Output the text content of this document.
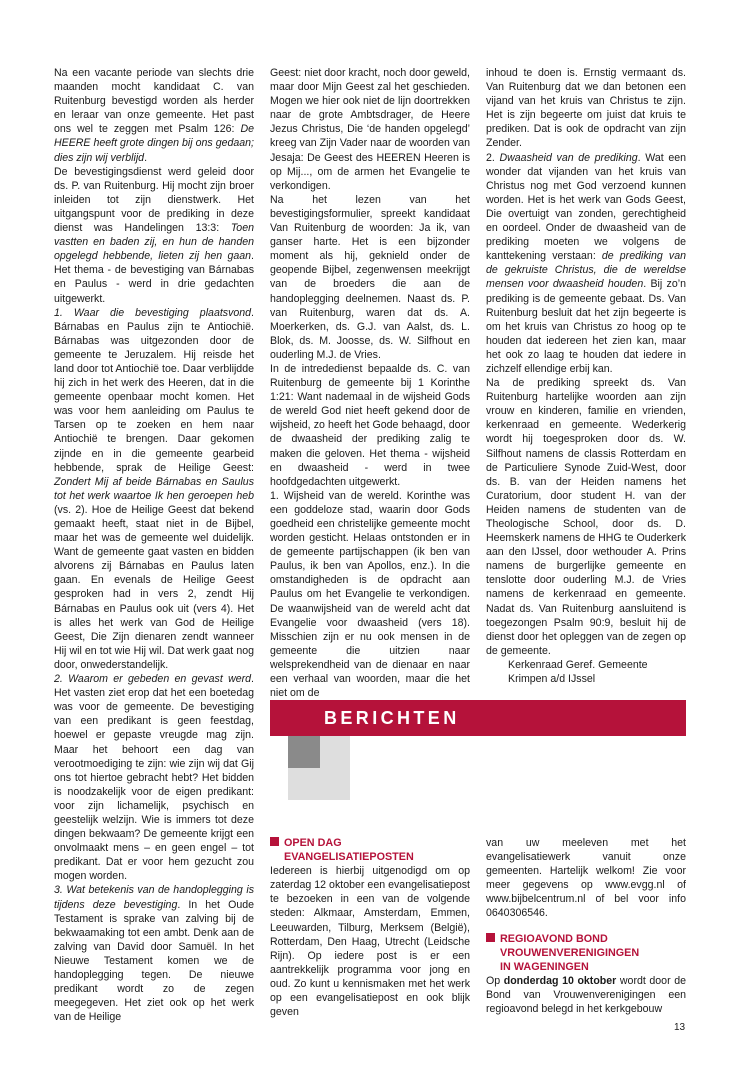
Na een vacante periode van slechts drie maanden mocht kandidaat C. van Ruitenburg bevestigd worden als herder en leraar van onze gemeente. Het past ons wel te zeggen met Psalm 126: De HEERE heeft grote dingen bij ons gedaan; dies zijn wij verblijd.

De bevestigingsdienst werd geleid door ds. P. van Ruitenburg. Hij mocht zijn broer inleiden tot zijn dienstwerk. Het uitgangspunt voor de prediking in deze dienst was Handelingen 13:3: Toen vastten en baden zij, en hun de handen opgelegd hebbende, lieten zij hen gaan. Het thema - de bevestiging van Bárnabas en Paulus - werd in drie gedachten uitgewerkt.

1. Waar die bevestiging plaatsvond. Bárnabas en Paulus zijn te Antiochië. Bárnabas was uitgezonden door de gemeente te Jeruzalem. Hij reisde het land door tot Antiochië toe. Daar verblijdde hij zich in het werk des Heeren, dat in die gemeente openbaar mocht komen. Het was voor hem aanleiding om Paulus te Tarsen op te zoeken en hem naar Antiochië te brengen. Daar gekomen zijnde en in die gemeente gearbeid hebbende, sprak de Heilige Geest: Zondert Mij af beide Bárnabas en Saulus tot het werk waartoe Ik hen geroepen heb (vs. 2). Hoe de Heilige Geest dat bekend gemaakt heeft, staat niet in de Bijbel, maar het was de gemeente wel duidelijk. Want de gemeente gaat vasten en bidden alvorens zij Bárnabas en Paulus laten gaan. En evenals de Heilige Geest gesproken had in vers 2, zendt Hij Bárnabas en Paulus ook uit (vers 4). Het is alles het werk van God de Heilige Geest, Die Zijn dienaren zendt wanneer Hij wil en tot wie Hij wil. Dat werk gaat nog door, onwederstandelijk.

2. Waarom er gebeden en gevast werd. Het vasten ziet erop dat het een boetedag was voor de gemeente. De bevestiging van een predikant is geen feestdag, hoewel er gepaste vreugde mag zijn. Maar het behoort een dag van verootmoediging te zijn: wie zijn wij dat Gij ons tot hiertoe gebracht hebt? Het bidden is noodzakelijk voor de eigen predikant: voor zijn lichamelijk, psychisch en geestelijk welzijn. Wie is immers tot deze dingen bekwaam? De gemeente krijgt een onvolmaakt mens – en geen engel – tot predikant. Dat er voor hem gezucht zou mogen worden.

3. Wat betekenis van de handoplegging is tijdens deze bevestiging. In het Oude Testament is sprake van zalving bij de bekwaamaking tot een ambt. Denk aan de zalving van David door Samuël. In het Nieuwe Testament komen we de handoplegging tegen. De nieuwe predikant wordt zo de zegen meegegeven. Het ziet ook op het werk van de Heilige

Geest: niet door kracht, noch door geweld, maar door Mijn Geest zal het geschieden. Mogen we hier ook niet de lijn doortrekken naar de grote Ambtsdrager, de Heere Jezus Christus, Die ‘de handen opgelegd’ kreeg van Zijn Vader naar de woorden van Jesaja: De Geest des HEEREN Heeren is op Mij..., om de armen het Evangelie te verkondigen.

Na het lezen van het bevestigingsformulier, spreekt kandidaat Van Ruitenburg de woorden: Ja ik, van ganser harte. Het is een bijzonder moment als hij, geknield onder de geopende Bijbel, zegenwensen meekrijgt van de broeders die aan de handoplegging deelnemen. Naast ds. P. van Ruitenburg, waren dat ds. A. Moerkerken, ds. G.J. van Aalst, ds. L. Blok, ds. M. Joosse, ds. W. Silfhout en ouderling M.J. de Vries.

In de intrededienst bepaalde ds. C. van Ruitenburg de gemeente bij 1 Korinthe 1:21: Want nademaal in de wijsheid Gods de wereld God niet heeft gekend door de wijsheid, zo heeft het Gode behaagd, door de dwaasheid der prediking zalig te maken die geloven. Het thema - wijsheid en dwaasheid - werd in twee hoofdgedachten uitgewerkt.

1. Wijsheid van de wereld. Korinthe was een goddeloze stad, waarin door Gods goedheid een christelijke gemeente mocht worden gesticht. Helaas ontstonden er in de gemeente partijschappen (ik ben van Paulus, ik ben van Apollos, enz.). In die omstandigheden is de opdracht aan Paulus om het Evangelie te verkondigen. De waanwijsheid van de wereld acht dat Evangelie voor dwaasheid (vers 18). Misschien zijn er nu ook mensen in de gemeente die uitzien naar welsprekendheid van de dienaar en naar een verhaal van woorden, maar die het niet om de

inhoud te doen is. Ernstig vermaant ds. Van Ruitenburg dat we dan betonen een vijand van het kruis van Christus te zijn. Het is zijn begeerte om juist dat kruis te prediken. Dat is ook de opdracht van zijn Zender.

2. Dwaasheid van de prediking. Wat een wonder dat vijanden van het kruis van Christus nog met God verzoend kunnen worden. Het is het werk van Gods Geest, Die overtuigt van zonden, gerechtigheid en oordeel. Onder de dwaasheid van de prediking moeten we volgens de kanttekening verstaan: de prediking van de gekruiste Christus, die de wereldse mensen voor dwaasheid houden. Bij zo’n prediking is de gemeente gebaat. Ds. Van Ruitenburg besluit dat het zijn begeerte is om het kruis van Christus zo hoog op te houden dat iedereen het zien kan, maar het ook zo laag te houden dat iedere in zichzelf ellendige erbij kan.

Na de prediking spreekt ds. Van Ruitenburg hartelijke woorden aan zijn vrouw en kinderen, familie en vrienden, kerkenraad en gemeente. Wederkerig wordt hij toegesproken door ds. W. Silfhout namens de classis Rotterdam en de Particuliere Synode Zuid-West, door ds. B. van der Heiden namens het Curatorium, door student H. van der Heiden namens de studenten van de Theologische School, door ds. D. Heemskerk namens de HHG te Ouderkerk aan den IJssel, door wethouder A. Prins namens de burgerlijke gemeente en tenslotte door ouderling M.J. de Vries namens de kerkenraad en gemeente. Nadat ds. Van Ruitenburg aansluitend is toegezongen Psalm 90:9, besluit hij de dienst door het opleggen van de zegen op de gemeente.

Kerkenraad Geref. Gemeente

Krimpen a/d IJssel

BERICHTEN
OPEN DAG
EVANGELISATIEPOSTEN

Iedereen is hierbij uitgenodigd om op zaterdag 12 oktober een evangelisatiepost te bezoeken in een van de volgende steden: Alkmaar, Amsterdam, Emmen, Leeuwarden, Tilburg, Merksem (België), Rotterdam, Den Haag, Utrecht (Leidsche Rijn). Op iedere post is er een aantrekkelijk programma voor jong en oud. Zo kunt u kennismaken met het werk op een evangelisatiepost en ook blijk geven

van uw meeleven met het evangelisatiewerk vanuit onze gemeenten. Hartelijk welkom! Zie voor meer gegevens op www.evgg.nl of www.bijbelcentrum.nl of bel voor info 0640306546.

REGIOAVOND BOND
VROUWENVERENIGINGEN
IN WAGENINGEN

Op donderdag 10 oktober wordt door de Bond van Vrouwenverenigingen een regioavond belegd in het kerkgebouw

13
